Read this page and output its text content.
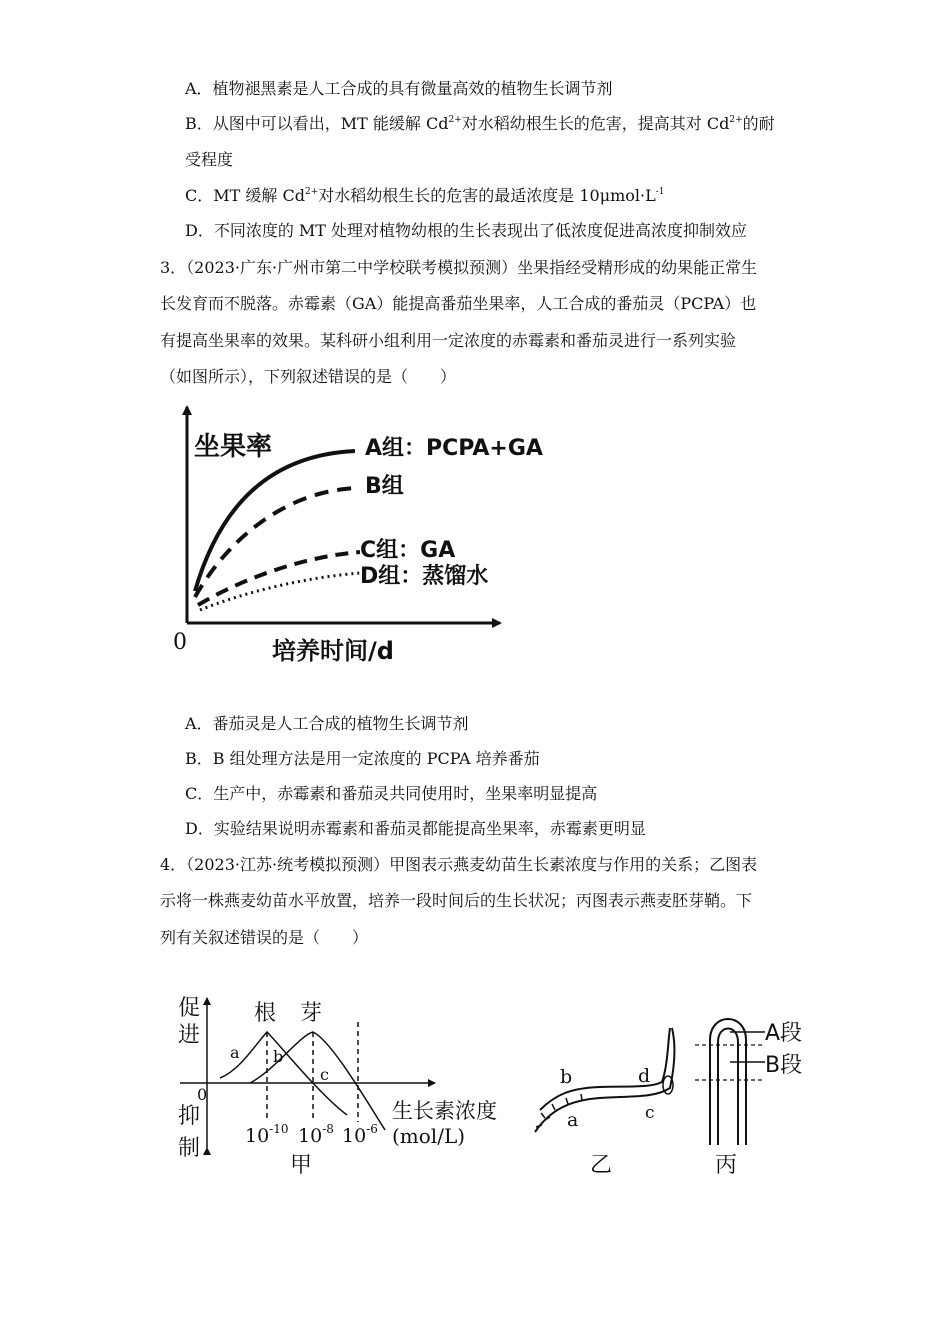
A．植物褪黑素是人工合成的具有微量高效的植物生长调节剂
B．从图中可以看出，MT 能缓解 $Cd^{2+}$对水稻幼根生长的危害，提高其对 $Cd^{2+}$的耐
受程度
C．MT 缓解 $Cd^{2+}$对水稻幼根生长的危害的最适浓度是 $10\mu mol\cdot L^{-1}$
D．不同浓度的 MT 处理对植物幼根的生长表现出了低浓度促进高浓度抑制效应
3．（2023·广东·广州市第二中学校联考模拟预测）坐果指经受精形成的幼果能正常生
长发育而不脱落。赤霉素（GA）能提高番茄坐果率，人工合成的番茄灵（PCPA）也
有提高坐果率的效果。某科研小组利用一定浓度的赤霉素和番茄灵进行一系列实验
（如图所示），下列叙述错误的是（　　）
坐果率	A组：PCPA+GA
B组
C组：GA
D组：蒸馏水
0	培养时间/d
A．番茄灵是人工合成的植物生长调节剂
B．B 组处理方法是用一定浓度的 PCPA 培养番茄
C．生产中，赤霉素和番茄灵共同使用时，坐果率明显提高
D．实验结果说明赤霉素和番茄灵都能提高坐果率，赤霉素更明显
4．（2023·江苏·统考模拟预测）甲图表示燕麦幼苗生长素浓度与作用的关系；乙图表
示将一株燕麦幼苗水平放置，培养一段时间后的生长状况；丙图表示燕麦胚芽鞘。下
列有关叙述错误的是（　　）
促
进
抑
制
根 芽
a b
c
0
$10^{-10}$ $10^{-8}$ $10^{-6}$
生长素浓度
(mol/L)
甲
b
a
d
c
乙
A段
B段
丙
